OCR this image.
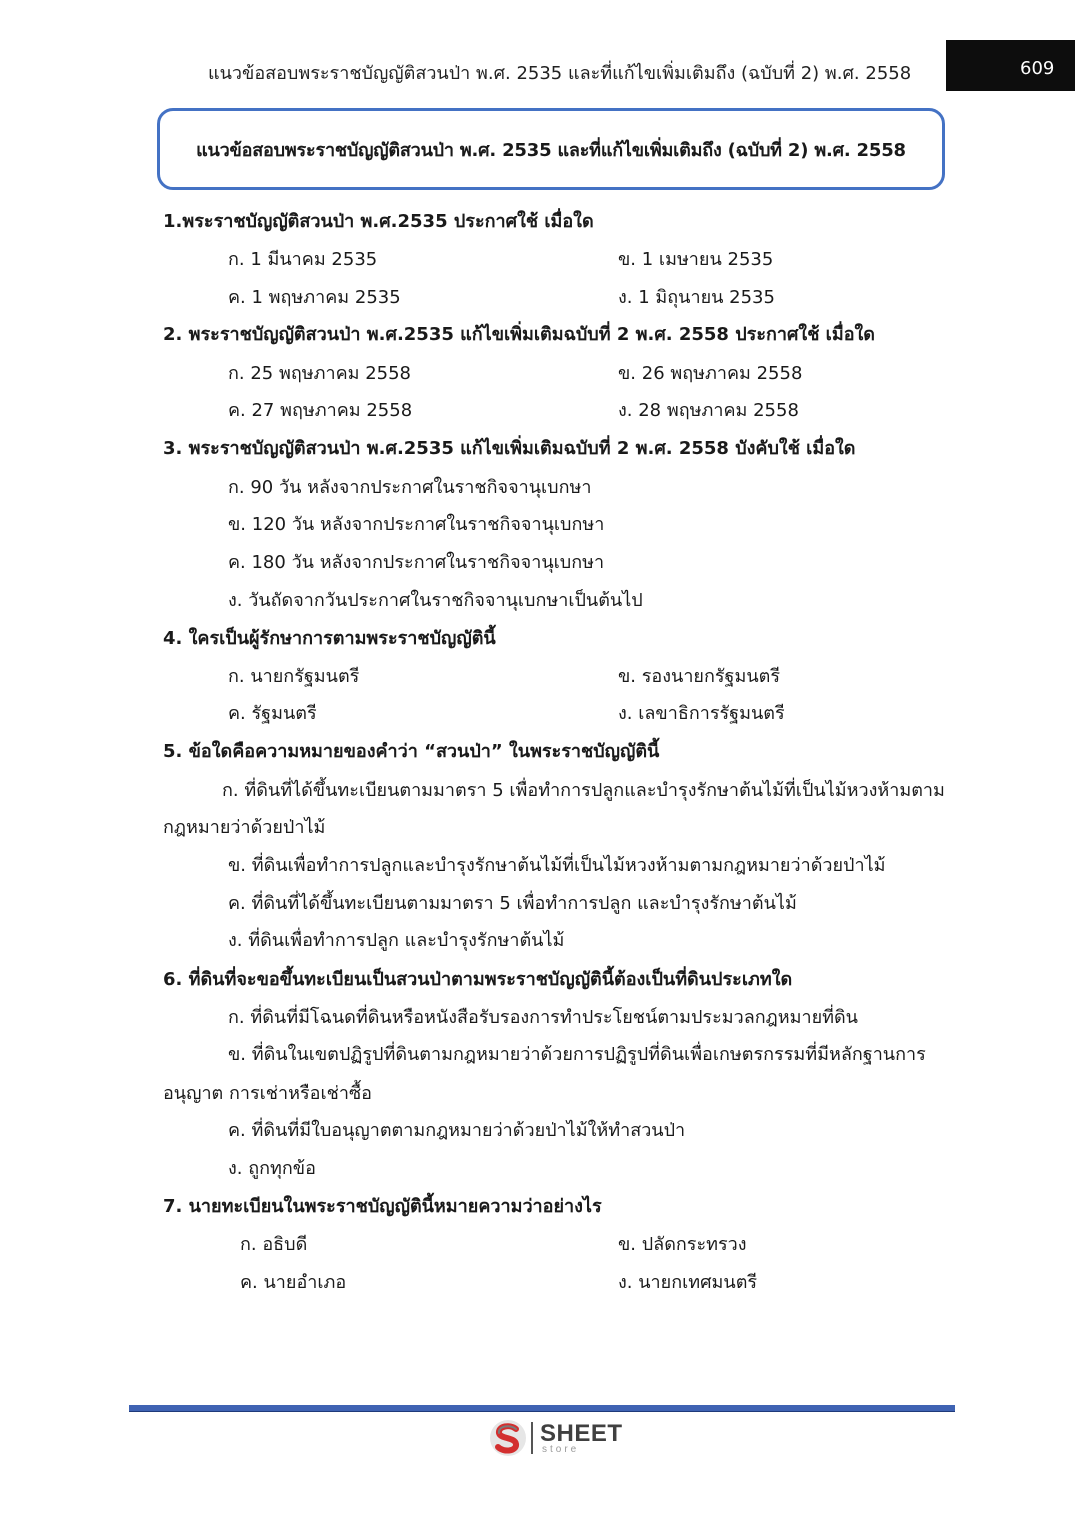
แนวข้อสอบพระราชบัญญัติสวนป่า พ.ศ. 2535 และที่แก้ไขเพิ่มเติมถึง (ฉบับที่ 2) พ.ศ. 2558	609
แนวข้อสอบพระราชบัญญัติสวนป่า พ.ศ. 2535 และที่แก้ไขเพิ่มเติมถึง (ฉบับที่ 2) พ.ศ. 2558
1.พระราชบัญญัติสวนป่า พ.ศ.2535 ประกาศใช้ เมื่อใด
ก. 1 มีนาคม 2535	ข. 1 เมษายน 2535
ค. 1 พฤษภาคม 2535	ง. 1 มิถุนายน 2535
2. พระราชบัญญัติสวนป่า พ.ศ.2535 แก้ไขเพิ่มเติมฉบับที่ 2 พ.ศ. 2558 ประกาศใช้ เมื่อใด
ก. 25 พฤษภาคม 2558	ข. 26 พฤษภาคม 2558
ค. 27 พฤษภาคม 2558	ง. 28 พฤษภาคม 2558
3. พระราชบัญญัติสวนป่า พ.ศ.2535 แก้ไขเพิ่มเติมฉบับที่ 2 พ.ศ. 2558 บังคับใช้ เมื่อใด
ก. 90 วัน หลังจากประกาศในราชกิจจานุเบกษา
ข. 120 วัน หลังจากประกาศในราชกิจจานุเบกษา
ค. 180 วัน หลังจากประกาศในราชกิจจานุเบกษา
ง. วันถัดจากวันประกาศในราชกิจจานุเบกษาเป็นต้นไป
4. ใครเป็นผู้รักษาการตามพระราชบัญญัตินี้
ก. นายกรัฐมนตรี	ข. รองนายกรัฐมนตรี
ค. รัฐมนตรี	ง. เลขาธิการรัฐมนตรี
5. ข้อใดคือความหมายของคำว่า “สวนป่า” ในพระราชบัญญัตินี้
ก. ที่ดินที่ได้ขึ้นทะเบียนตามมาตรา 5 เพื่อทำการปลูกและบำรุงรักษาต้นไม้ที่เป็นไม้หวงห้ามตาม
กฎหมายว่าด้วยป่าไม้
ข. ที่ดินเพื่อทำการปลูกและบำรุงรักษาต้นไม้ที่เป็นไม้หวงห้ามตามกฎหมายว่าด้วยป่าไม้
ค. ที่ดินที่ได้ขึ้นทะเบียนตามมาตรา 5 เพื่อทำการปลูก และบำรุงรักษาต้นไม้
ง. ที่ดินเพื่อทำการปลูก และบำรุงรักษาต้นไม้
6. ที่ดินที่จะขอขึ้นทะเบียนเป็นสวนป่าตามพระราชบัญญัตินี้ต้องเป็นที่ดินประเภทใด
ก. ที่ดินที่มีโฉนดที่ดินหรือหนังสือรับรองการทำประโยชน์ตามประมวลกฎหมายที่ดิน
ข. ที่ดินในเขตปฏิรูปที่ดินตามกฎหมายว่าด้วยการปฏิรูปที่ดินเพื่อเกษตรกรรมที่มีหลักฐานการ
อนุญาต การเช่าหรือเช่าซื้อ
ค. ที่ดินที่มีใบอนุญาตตามกฎหมายว่าด้วยป่าไม้ให้ทำสวนป่า
ง. ถูกทุกข้อ
7. นายทะเบียนในพระราชบัญญัตินี้หมายความว่าอย่างไร
ก. อธิบดี	ข. ปลัดกระทรวง
ค. นายอำเภอ	ง. นายกเทศมนตรี
SHEET
store
